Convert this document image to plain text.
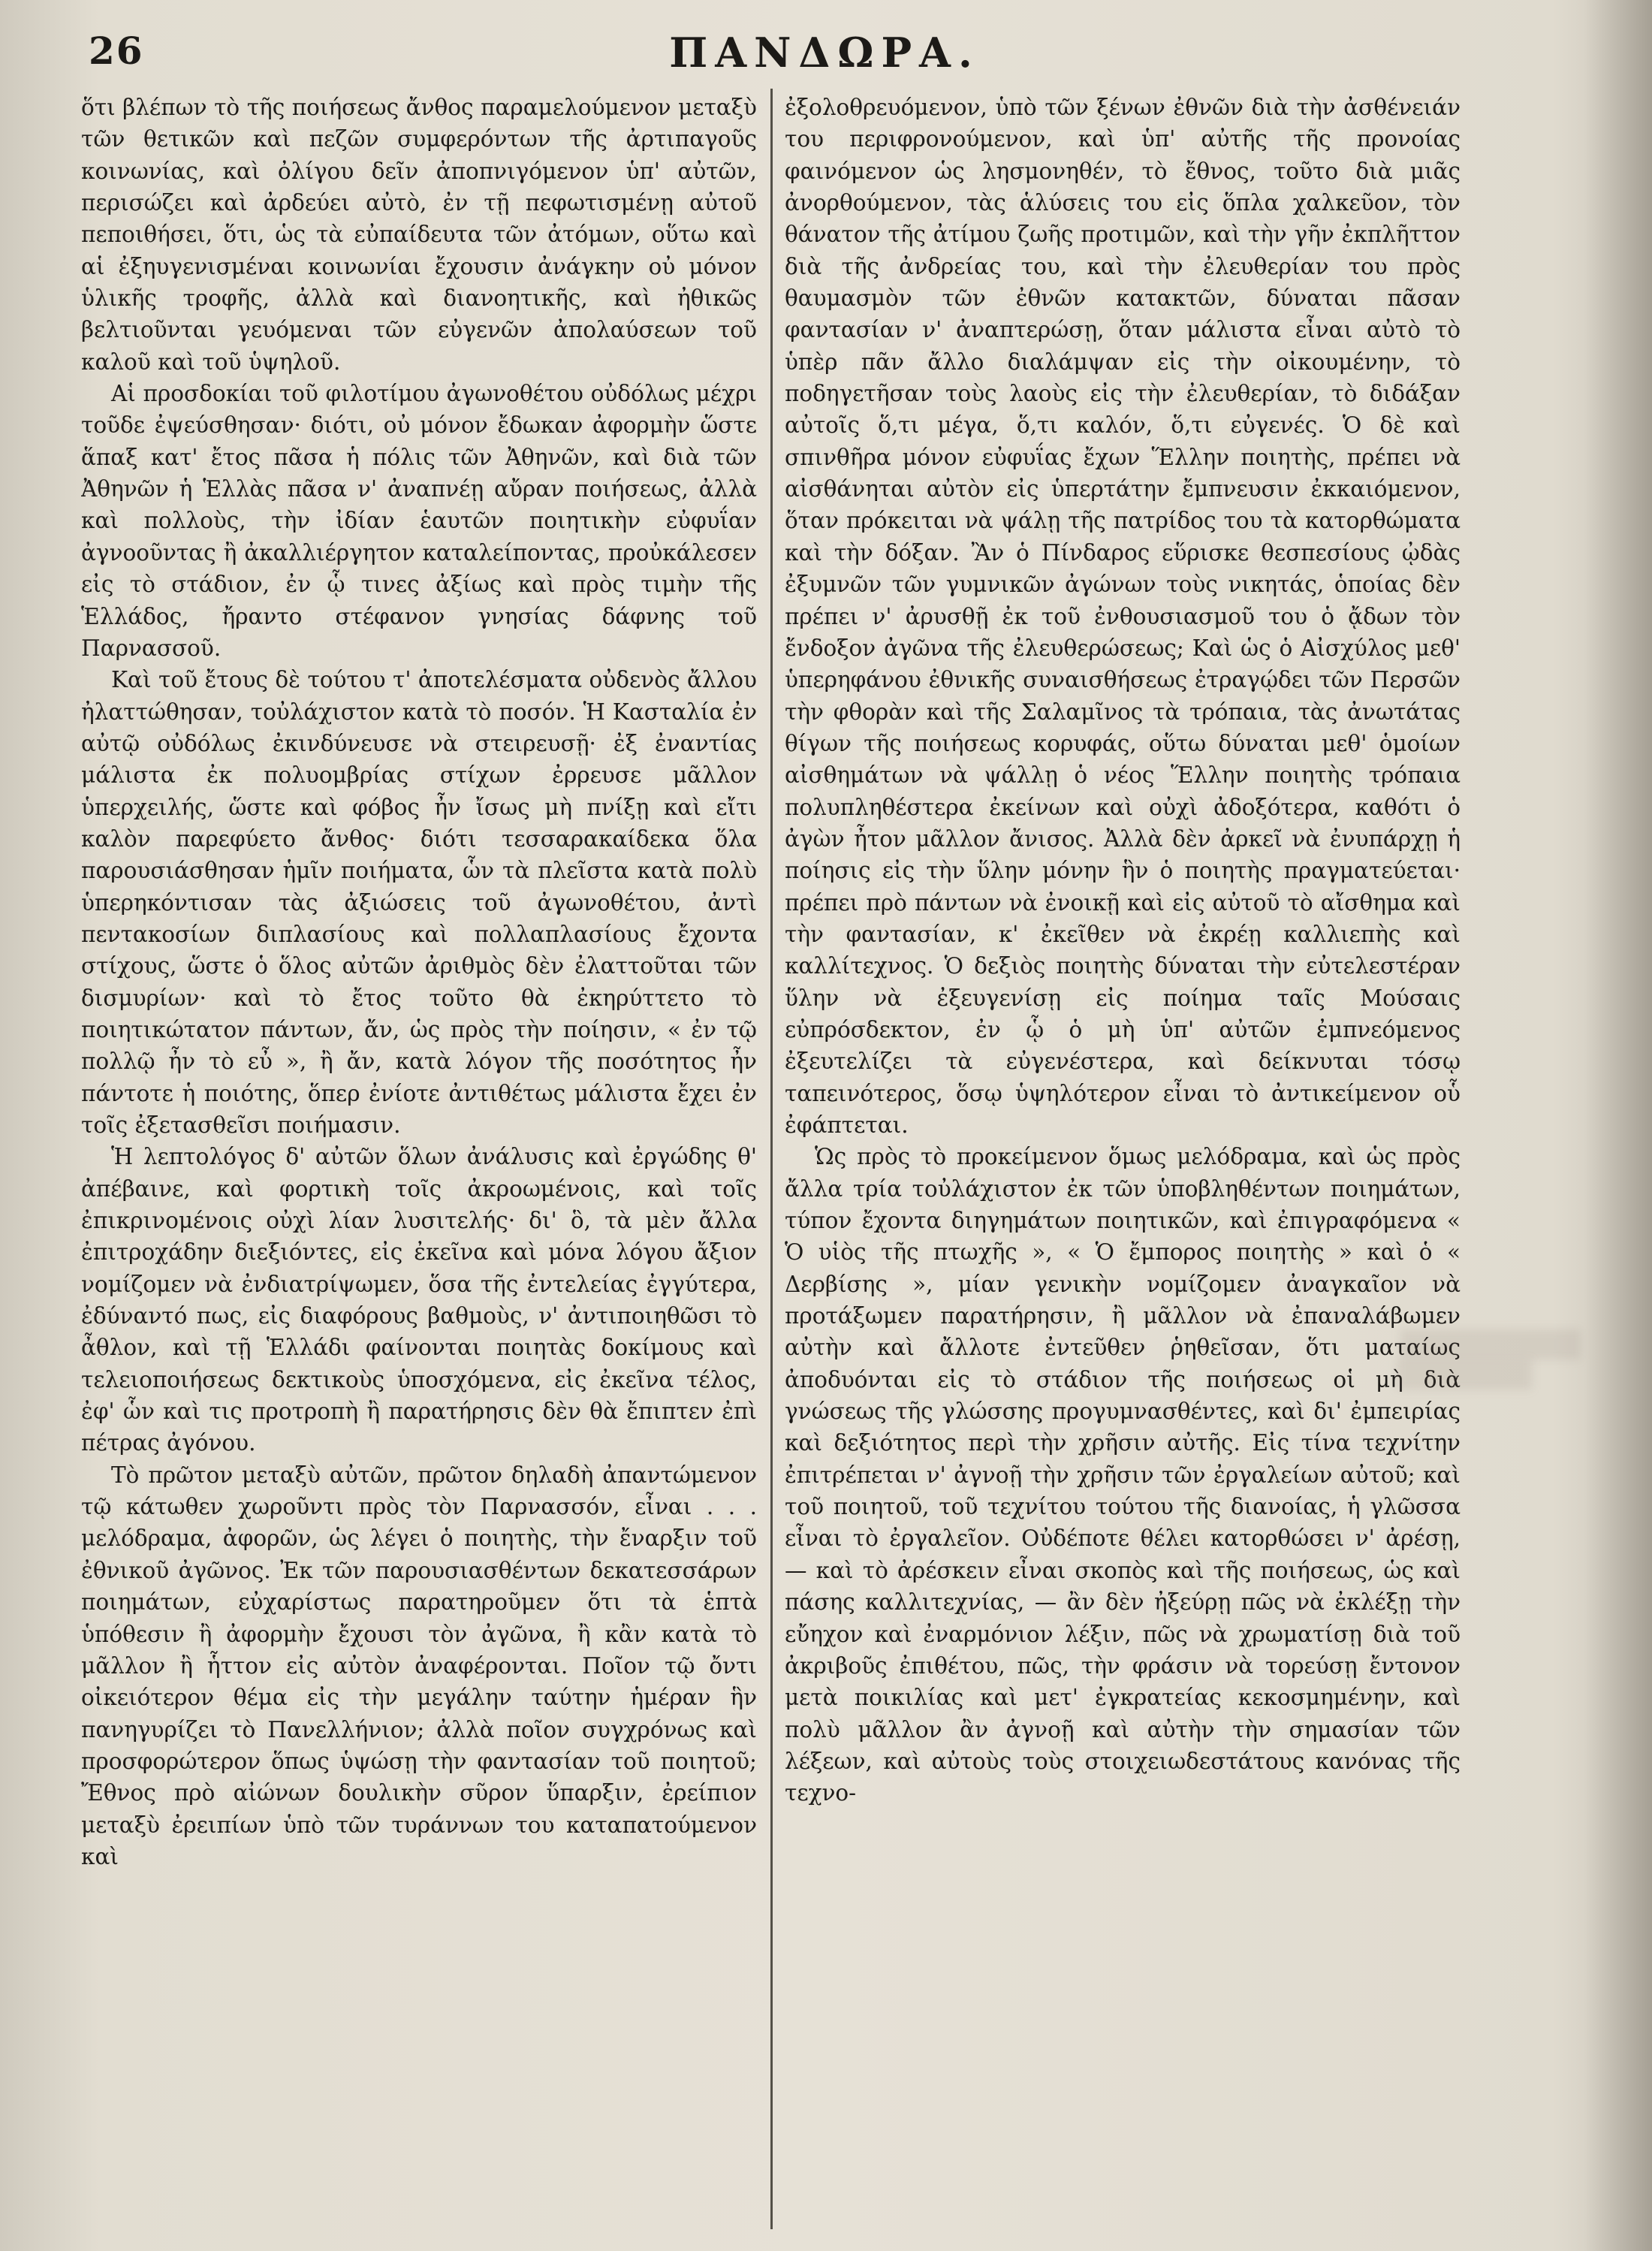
26	ΠΑΝΔΩΡΑ.

ὅτι βλέπων τὸ τῆς ποιήσεως ἄνθος παραμελούμενον μεταξὺ τῶν θετικῶν καὶ πεζῶν συμφερόντων τῆς ἀρτιπαγοῦς κοινωνίας, καὶ ὀλίγου δεῖν ἀποπνιγόμενον ὑπ' αὐτῶν, περισώζει καὶ ἀρδεύει αὐτὸ, ἐν τῇ πεφωτισμένῃ αὐτοῦ πεποιθήσει, ὅτι, ὡς τὰ εὐπαίδευτα τῶν ἀτόμων, οὕτω καὶ αἱ ἐξηυγενισμέναι κοινωνίαι ἔχουσιν ἀνάγκην οὐ μόνον ὑλικῆς τροφῆς, ἀλλὰ καὶ διανοητικῆς, καὶ ἠθικῶς βελτιοῦνται γευόμεναι τῶν εὐγενῶν ἀπολαύσεων τοῦ καλοῦ καὶ τοῦ ὑψηλοῦ.

Αἱ προσδοκίαι τοῦ φιλοτίμου ἀγωνοθέτου οὐδόλως μέχρι τοῦδε ἐψεύσθησαν· διότι, οὐ μόνον ἔδωκαν ἀφορμὴν ὥστε ἅπαξ κατ' ἔτος πᾶσα ἡ πόλις τῶν Ἀθηνῶν, καὶ διὰ τῶν Ἀθηνῶν ἡ Ἑλλὰς πᾶσα ν' ἀναπνέῃ αὔραν ποιήσεως, ἀλλὰ καὶ πολλοὺς, τὴν ἰδίαν ἑαυτῶν ποιητικὴν εὐφυΐαν ἀγνοοῦντας ἢ ἀκαλλιέργητον καταλείποντας, προὐκάλεσεν εἰς τὸ στάδιον, ἐν ᾧ τινες ἀξίως καὶ πρὸς τιμὴν τῆς Ἑλλάδος, ἤραντο στέφανον γνησίας δάφνης τοῦ Παρνασσοῦ.

Καὶ τοῦ ἔτους δὲ τούτου τ' ἀποτελέσματα οὐδενὸς ἄλλου ἠλαττώθησαν, τοὐλάχιστον κατὰ τὸ ποσόν. Ἡ Κασταλία ἐν αὐτῷ οὐδόλως ἐκινδύνευσε νὰ στειρευσῇ· ἐξ ἐναντίας μάλιστα ἐκ πολυομβρίας στίχων ἐρρευσε μᾶλλον ὑπερχειλής, ὥστε καὶ φόβος ἦν ἴσως μὴ πνίξῃ καὶ εἴτι καλὸν παρεφύετο ἄνθος· διότι τεσσαρακαίδεκα ὅλα παρουσιάσθησαν ἡμῖν ποιήματα, ὧν τὰ πλεῖστα κατὰ πολὺ ὑπερηκόντισαν τὰς ἀξιώσεις τοῦ ἀγωνοθέτου, ἀντὶ πεντακοσίων διπλασίους καὶ πολλαπλασίους ἔχοντα στίχους, ὥστε ὁ ὅλος αὐτῶν ἀριθμὸς δὲν ἐλαττοῦται τῶν δισμυρίων· καὶ τὸ ἔτος τοῦτο θὰ ἐκηρύττετο τὸ ποιητικώτατον πάντων, ἄν, ὡς πρὸς τὴν ποίησιν, « ἐν τῷ πολλῷ ἦν τὸ εὖ », ἢ ἄν, κατὰ λόγον τῆς ποσότητος ἦν πάντοτε ἡ ποιότης, ὅπερ ἐνίοτε ἀντιθέτως μάλιστα ἔχει ἐν τοῖς ἐξετασθεῖσι ποιήμασιν.

Ἡ λεπτολόγος δ' αὐτῶν ὅλων ἀνάλυσις καὶ ἐργώδης θ' ἀπέβαινε, καὶ φορτικὴ τοῖς ἀκροωμένοις, καὶ τοῖς ἐπικρινομένοις οὐχὶ λίαν λυσιτελής· δι' ὃ, τὰ μὲν ἄλλα ἐπιτροχάδην διεξιόντες, εἰς ἐκεῖνα καὶ μόνα λόγου ἄξιον νομίζομεν νὰ ἐνδιατρίψωμεν, ὅσα τῆς ἐντελείας ἐγγύτερα, ἐδύναντό πως, εἰς διαφόρους βαθμοὺς, ν' ἀντιποιηθῶσι τὸ ἆθλον, καὶ τῇ Ἑλλάδι φαίνονται ποιητὰς δοκίμους καὶ τελειοποιήσεως δεκτικοὺς ὑποσχόμενα, εἰς ἐκεῖνα τέλος, ἐφ' ὧν καὶ τις προτροπὴ ἢ παρατήρησις δὲν θὰ ἔπιπτεν ἐπὶ πέτρας ἀγόνου.

Τὸ πρῶτον μεταξὺ αὐτῶν, πρῶτον δηλαδὴ ἀπαντώμενον τῷ κάτωθεν χωροῦντι πρὸς τὸν Παρνασσόν, εἶναι . . . μελόδραμα, ἀφορῶν, ὡς λέγει ὁ ποιητὴς, τὴν ἔναρξιν τοῦ ἐθνικοῦ ἀγῶνος. Ἐκ τῶν παρουσιασθέντων δεκατεσσάρων ποιημάτων, εὐχαρίστως παρατηροῦμεν ὅτι τὰ ἑπτὰ ὑπόθεσιν ἢ ἀφορμὴν ἔχουσι τὸν ἀγῶνα, ἢ κἂν κατὰ τὸ μᾶλλον ἢ ἧττον εἰς αὐτὸν ἀναφέρονται. Ποῖον τῷ ὄντι οἰκειότερον θέμα εἰς τὴν μεγάλην ταύτην ἡμέραν ἣν πανηγυρίζει τὸ Πανελλήνιον; ἀλλὰ ποῖον συγχρόνως καὶ προσφορώτερον ὅπως ὑψώσῃ τὴν φαντασίαν τοῦ ποιητοῦ; Ἔθνος πρὸ αἰώνων δουλικὴν σῦρον ὕπαρξιν, ἐρείπιον μεταξὺ ἐρειπίων ὑπὸ τῶν τυράννων του καταπατούμενον καὶ

ἐξολοθρευόμενον, ὑπὸ τῶν ξένων ἐθνῶν διὰ τὴν ἀσθένειάν του περιφρονούμενον, καὶ ὑπ' αὐτῆς τῆς προνοίας φαινόμενον ὡς λησμονηθέν, τὸ ἔθνος, τοῦτο διὰ μιᾶς ἀνορθούμενον, τὰς ἁλύσεις του εἰς ὅπλα χαλκεῦον, τὸν θάνατον τῆς ἀτίμου ζωῆς προτιμῶν, καὶ τὴν γῆν ἐκπλῆττον διὰ τῆς ἀνδρείας του, καὶ τὴν ἐλευθερίαν του πρὸς θαυμασμὸν τῶν ἐθνῶν κατακτῶν, δύναται πᾶσαν φαντασίαν ν' ἀναπτερώσῃ, ὅταν μάλιστα εἶναι αὐτὸ τὸ ὑπὲρ πᾶν ἄλλο διαλάμψαν εἰς τὴν οἰκουμένην, τὸ ποδηγετῆσαν τοὺς λαοὺς εἰς τὴν ἐλευθερίαν, τὸ διδάξαν αὐτοῖς ὅ,τι μέγα, ὅ,τι καλόν, ὅ,τι εὐγενές. Ὁ δὲ καὶ σπινθῆρα μόνον εὐφυΐας ἔχων Ἕλλην ποιητὴς, πρέπει νὰ αἰσθάνηται αὐτὸν εἰς ὑπερτάτην ἔμπνευσιν ἐκκαιόμενον, ὅταν πρόκειται νὰ ψάλῃ τῆς πατρίδος του τὰ κατορθώματα καὶ τὴν δόξαν. Ἂν ὁ Πίνδαρος εὕρισκε θεσπεσίους ᾠδὰς ἐξυμνῶν τῶν γυμνικῶν ἀγώνων τοὺς νικητάς, ὁποίας δὲν πρέπει ν' ἀρυσθῇ ἐκ τοῦ ἐνθουσιασμοῦ του ὁ ᾄδων τὸν ἔνδοξον ἀγῶνα τῆς ἐλευθερώσεως; Καὶ ὡς ὁ Αἰσχύλος μεθ' ὑπερηφάνου ἐθνικῆς συναισθήσεως ἐτραγῴδει τῶν Περσῶν τὴν φθορὰν καὶ τῆς Σαλαμῖνος τὰ τρόπαια, τὰς ἀνωτάτας θίγων τῆς ποιήσεως κορυφάς, οὕτω δύναται μεθ' ὁμοίων αἰσθημάτων νὰ ψάλλῃ ὁ νέος Ἕλλην ποιητὴς τρόπαια πολυπληθέστερα ἐκείνων καὶ οὐχὶ ἀδοξότερα, καθότι ὁ ἀγὼν ἦτον μᾶλλον ἄνισος. Ἀλλὰ δὲν ἀρκεῖ νὰ ἐνυπάρχῃ ἡ ποίησις εἰς τὴν ὕλην μόνην ἣν ὁ ποιητὴς πραγματεύεται· πρέπει πρὸ πάντων νὰ ἐνοικῇ καὶ εἰς αὐτοῦ τὸ αἴσθημα καὶ τὴν φαντασίαν, κ' ἐκεῖθεν νὰ ἐκρέῃ καλλιεπὴς καὶ καλλίτεχνος. Ὁ δεξιὸς ποιητὴς δύναται τὴν εὐτελεστέραν ὕλην νὰ ἐξευγενίσῃ εἰς ποίημα ταῖς Μούσαις εὐπρόσδεκτον, ἐν ᾧ ὁ μὴ ὑπ' αὐτῶν ἐμπνεόμενος ἐξευτελίζει τὰ εὐγενέστερα, καὶ δείκνυται τόσῳ ταπεινότερος, ὅσῳ ὑψηλότερον εἶναι τὸ ἀντικείμενον οὗ ἐφάπτεται.

Ὡς πρὸς τὸ προκείμενον ὅμως μελόδραμα, καὶ ὡς πρὸς ἄλλα τρία τοὐλάχιστον ἐκ τῶν ὑποβληθέντων ποιημάτων, τύπον ἔχοντα διηγημάτων ποιητικῶν, καὶ ἐπιγραφόμενα « Ὁ υἱὸς τῆς πτωχῆς », « Ὁ ἔμπορος ποιητὴς » καὶ ὁ « Δερβίσης », μίαν γενικὴν νομίζομεν ἀναγκαῖον νὰ προτάξωμεν παρατήρησιν, ἢ μᾶλλον νὰ ἐπαναλάβωμεν αὐτὴν καὶ ἄλλοτε ἐντεῦθεν ῥηθεῖσαν, ὅτι ματαίως ἀποδυόνται εἰς τὸ στάδιον τῆς ποιήσεως οἱ μὴ διὰ γνώσεως τῆς γλώσσης προγυμνασθέντες, καὶ δι' ἐμπειρίας καὶ δεξιότητος περὶ τὴν χρῆσιν αὐτῆς. Εἰς τίνα τεχνίτην ἐπιτρέπεται ν' ἀγνοῇ τὴν χρῆσιν τῶν ἐργαλείων αὐτοῦ; καὶ τοῦ ποιητοῦ, τοῦ τεχνίτου τούτου τῆς διανοίας, ἡ γλῶσσα εἶναι τὸ ἐργαλεῖον. Οὐδέποτε θέλει κατορθώσει ν' ἀρέσῃ, — καὶ τὸ ἀρέσκειν εἶναι σκοπὸς καὶ τῆς ποιήσεως, ὡς καὶ πάσης καλλιτεχνίας, — ἂν δὲν ἠξεύρῃ πῶς νὰ ἐκλέξῃ τὴν εὔηχον καὶ ἐναρμόνιον λέξιν, πῶς νὰ χρωματίσῃ διὰ τοῦ ἀκριβοῦς ἐπιθέτου, πῶς, τὴν φράσιν νὰ τορεύσῃ ἔντονον μετὰ ποικιλίας καὶ μετ' ἐγκρατείας κεκοσμημένην, καὶ πολὺ μᾶλλον ἂν ἀγνοῇ καὶ αὐτὴν τὴν σημασίαν τῶν λέξεων, καὶ αὐτοὺς τοὺς στοιχειωδεστάτους κανόνας τῆς τεχνο-
